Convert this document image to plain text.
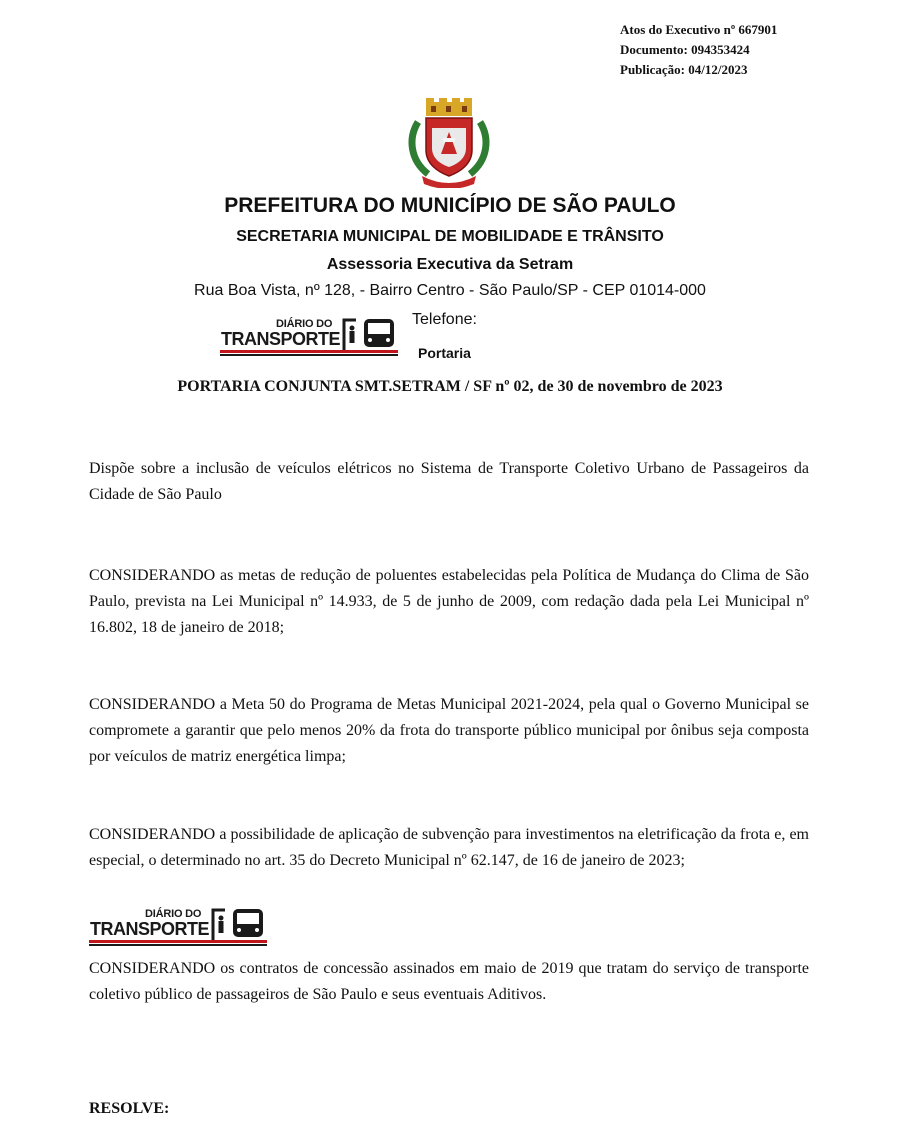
Atos do Executivo nº 667901
Documento: 094353424
Publicação: 04/12/2023
PREFEITURA DO MUNICÍPIO DE SÃO PAULO
SECRETARIA MUNICIPAL DE MOBILIDADE E TRÂNSITO
Assessoria Executiva da Setram
Rua Boa Vista, nº 128, - Bairro Centro - São Paulo/SP - CEP 01014-000
Telefone:
Portaria
DIÁRIO DO
TRANSPORTE
PORTARIA CONJUNTA SMT.SETRAM / SF nº 02, de 30 de novembro de 2023
Dispõe sobre a inclusão de veículos elétricos no Sistema de Transporte Coletivo Urbano de Passageiros da Cidade de São Paulo
CONSIDERANDO as metas de redução de poluentes estabelecidas pela Política de Mudança do Clima de São Paulo, prevista na Lei Municipal nº 14.933, de 5 de junho de 2009, com redação dada pela Lei Municipal nº 16.802, 18 de janeiro de 2018;
CONSIDERANDO a Meta 50 do Programa de Metas Municipal 2021-2024, pela qual o Governo Municipal se compromete a garantir que pelo menos 20% da frota do transporte público municipal por ônibus seja composta por veículos de matriz energética limpa;
CONSIDERANDO a possibilidade de aplicação de subvenção para investimentos na eletrificação da frota e, em especial, o determinado no art. 35 do Decreto Municipal nº 62.147, de 16 de janeiro de 2023;
DIÁRIO DO
TRANSPORTE
CONSIDERANDO os contratos de concessão assinados em maio de 2019 que tratam do serviço de transporte coletivo público de passageiros de São Paulo e seus eventuais Aditivos.
RESOLVE:
